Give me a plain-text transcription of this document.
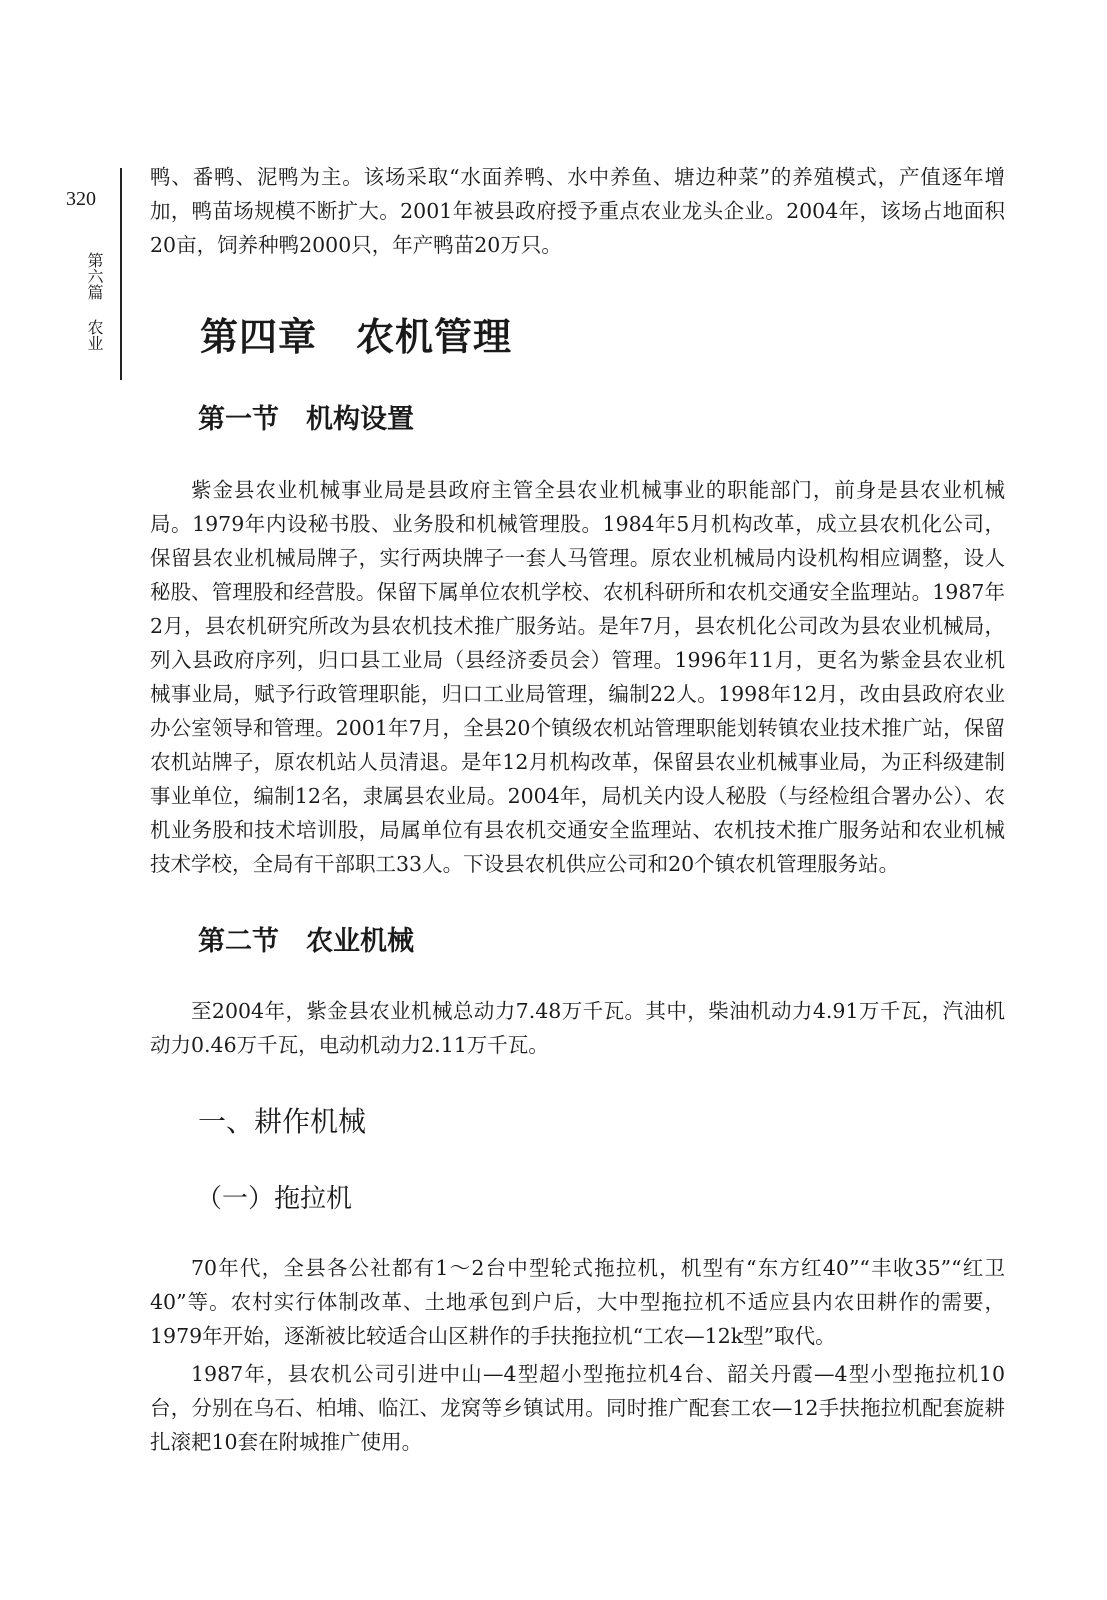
320
第六篇 农业

鸭、番鸭、泥鸭为主。该场采取“水面养鸭、水中养鱼、塘边种菜”的养殖模式，产值逐年增加，鸭苗场规模不断扩大。2001年被县政府授予重点农业龙头企业。2004年，该场占地面积20亩，饲养种鸭2000只，年产鸭苗20万只。

第四章　农机管理
第一节　机构设置

紫金县农业机械事业局是县政府主管全县农业机械事业的职能部门，前身是县农业机械局。1979年内设秘书股、业务股和机械管理股。1984年5月机构改革，成立县农机化公司，保留县农业机械局牌子，实行两块牌子一套人马管理。原农业机械局内设机构相应调整，设人秘股、管理股和经营股。保留下属单位农机学校、农机科研所和农机交通安全监理站。1987年2月，县农机研究所改为县农机技术推广服务站。是年7月，县农机化公司改为县农业机械局，列入县政府序列，归口县工业局（县经济委员会）管理。1996年11月，更名为紫金县农业机械事业局，赋予行政管理职能，归口工业局管理，编制22人。1998年12月，改由县政府农业办公室领导和管理。2001年7月，全县20个镇级农机站管理职能划转镇农业技术推广站，保留农机站牌子，原农机站人员清退。是年12月机构改革，保留县农业机械事业局，为正科级建制事业单位，编制12名，隶属县农业局。2004年，局机关内设人秘股（与经检组合署办公）、农机业务股和技术培训股，局属单位有县农机交通安全监理站、农机技术推广服务站和农业机械技术学校，全局有干部职工33人。下设县农机供应公司和20个镇农机管理服务站。

第二节　农业机械

至2004年，紫金县农业机械总动力7.48万千瓦。其中，柴油机动力4.91万千瓦，汽油机动力0.46万千瓦，电动机动力2.11万千瓦。

一、耕作机械
（一）拖拉机

70年代，全县各公社都有1～2台中型轮式拖拉机，机型有“东方红40”“丰收35”“红卫40”等。农村实行体制改革、土地承包到户后，大中型拖拉机不适应县内农田耕作的需要，1979年开始，逐渐被比较适合山区耕作的手扶拖拉机“工农—12k型”取代。

1987年，县农机公司引进中山—4型超小型拖拉机4台、韶关丹霞—4型小型拖拉机10台，分别在乌石、柏埔、临江、龙窝等乡镇试用。同时推广配套工农—12手扶拖拉机配套旋耕扎滚耙10套在附城推广使用。
